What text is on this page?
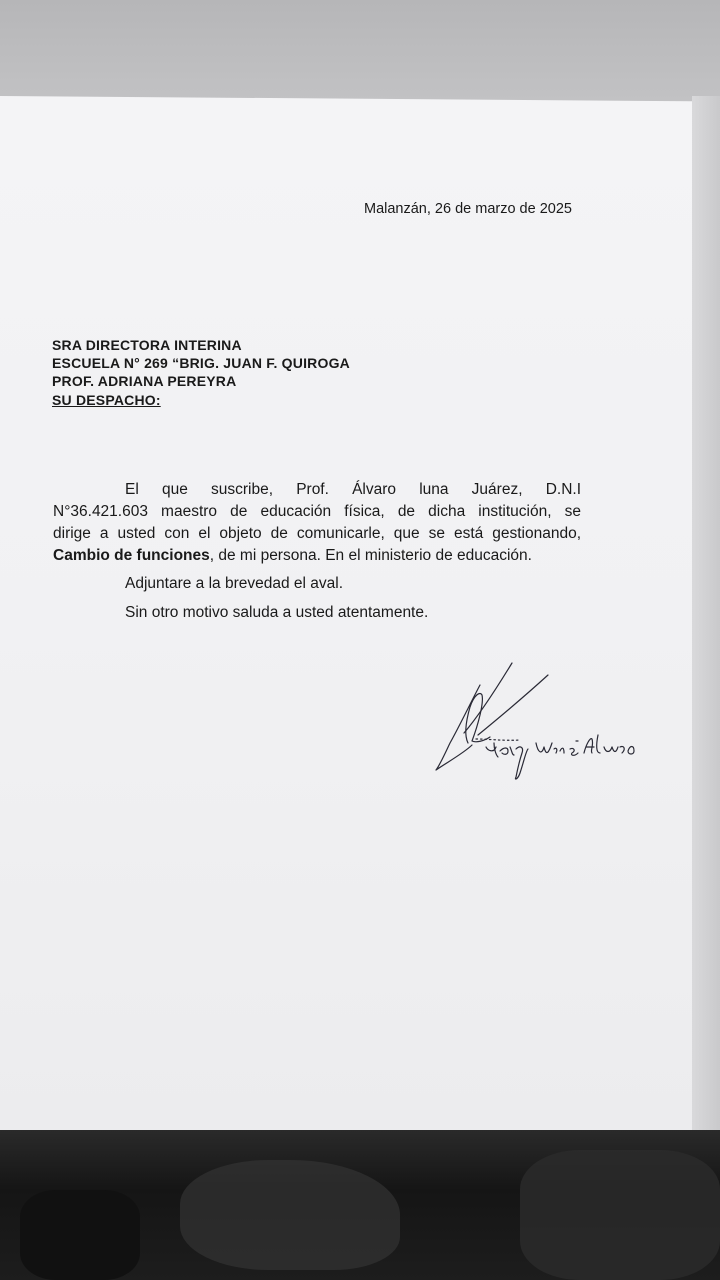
Malanzán, 26 de marzo de 2025
SRA DIRECTORA INTERINA
ESCUELA N° 269 “BRIG. JUAN F. QUIROGA
PROF. ADRIANA PEREYRA
SU DESPACHO:
El que suscribe, Prof. Álvaro luna Juárez, D.N.I
N°36.421.603 maestro de educación física, de dicha institución, se
dirige a usted con el objeto de comunicarle, que se está gestionando,
Cambio de funciones, de mi persona. En el ministerio de educación.
Adjuntare a la brevedad el aval.
Sin otro motivo saluda a usted atentamente.
